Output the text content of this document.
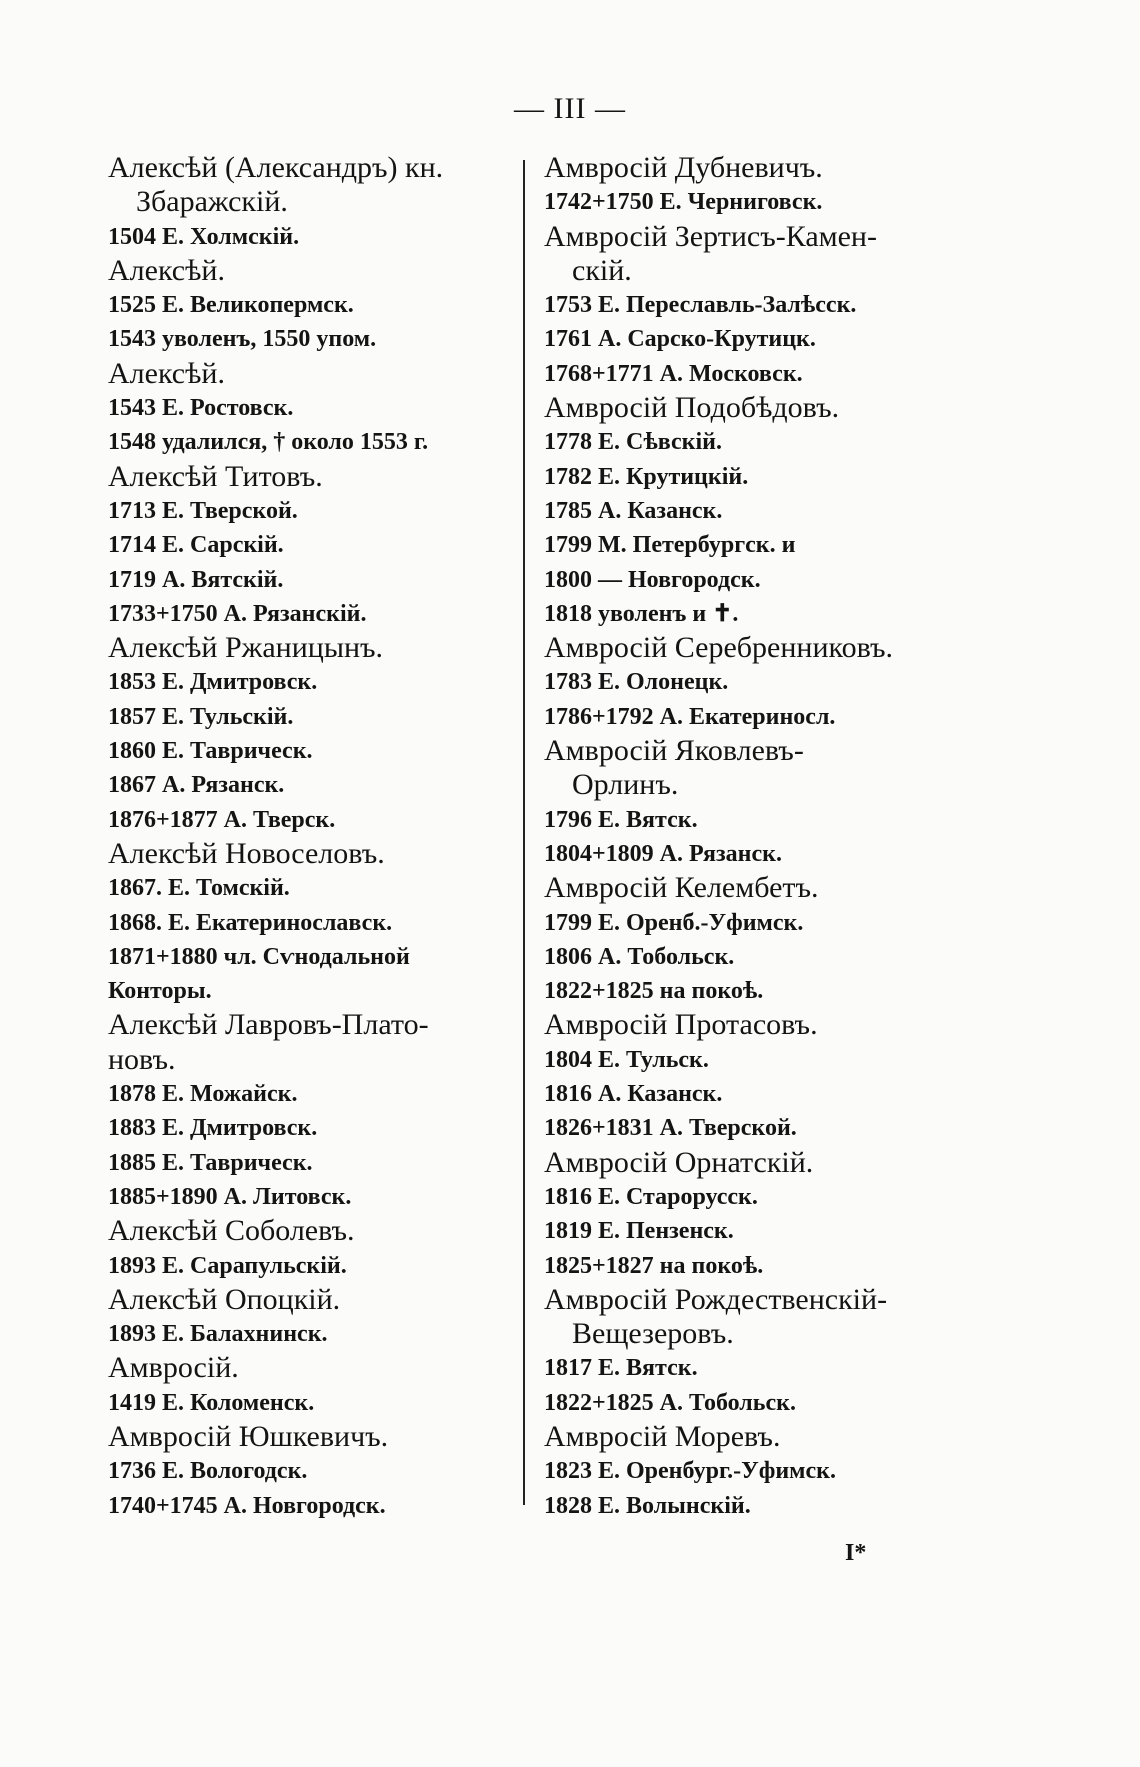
— III —
Алексѣй (Александръ) кн.
Збаражскій.
1504 Е. Холмскій.
Алексѣй.
1525 Е. Великопермск.
1543 уволенъ, 1550 упом.
Алексѣй.
1543 Е. Ростовск.
1548 удалился, † около 1553 г.
Алексѣй Титовъ.
1713 Е. Тверской.
1714 Е. Сарскій.
1719 А. Вятскій.
1733+1750 А. Рязанскій.
Алексѣй Ржаницынъ.
1853 Е. Дмитровск.
1857 Е. Тульскій.
1860 Е. Таврическ.
1867 А. Рязанск.
1876+1877 А. Тверск.
Алексѣй Новоселовъ.
1867. Е. Томскій.
1868. Е. Екатеринославск.
1871+1880 чл. Сѵнодальной
Конторы.
Алексѣй Лавровъ-Плато-
новъ.
1878 Е. Можайск.
1883 Е. Дмитровск.
1885 Е. Таврическ.
1885+1890 А. Литовск.
Алексѣй Соболевъ.
1893 Е. Сарапульскій.
Алексѣй Опоцкій.
1893 Е. Балахнинск.
Амвросій.
1419 Е. Коломенск.
Амвросій Юшкевичъ.
1736 Е. Вологодск.
1740+1745 А. Новгородск.
Амвросій Дубневичъ.
1742+1750 Е. Черниговск.
Амвросій Зертисъ-Камен-
скій.
1753 Е. Переславль-Залѣсск.
1761 А. Сарско-Крутицк.
1768+1771 А. Московск.
Амвросій Подобѣдовъ.
1778 Е. Сѣвскій.
1782 Е. Крутицкій.
1785 А. Казанск.
1799 М. Петербургск. и
1800 — Новгородск.
1818 уволенъ и ✝.
Амвросій Серебренниковъ.
1783 Е. Олонецк.
1786+1792 А. Екатериносл.
Амвросій Яковлевъ-
Орлинъ.
1796 Е. Вятск.
1804+1809 А. Рязанск.
Амвросій Келембетъ.
1799 Е. Оренб.-Уфимск.
1806 А. Тобольск.
1822+1825 на покоѣ.
Амвросій Протасовъ.
1804 Е. Тульск.
1816 А. Казанск.
1826+1831 А. Тверской.
Амвросій Орнатскій.
1816 Е. Старорусск.
1819 Е. Пензенск.
1825+1827 на покоѣ.
Амвросій Рождественскій-
Вещезеровъ.
1817 Е. Вятск.
1822+1825 А. Тобольск.
Амвросій Моревъ.
1823 Е. Оренбург.-Уфимск.
1828 Е. Волынскій.
I*
